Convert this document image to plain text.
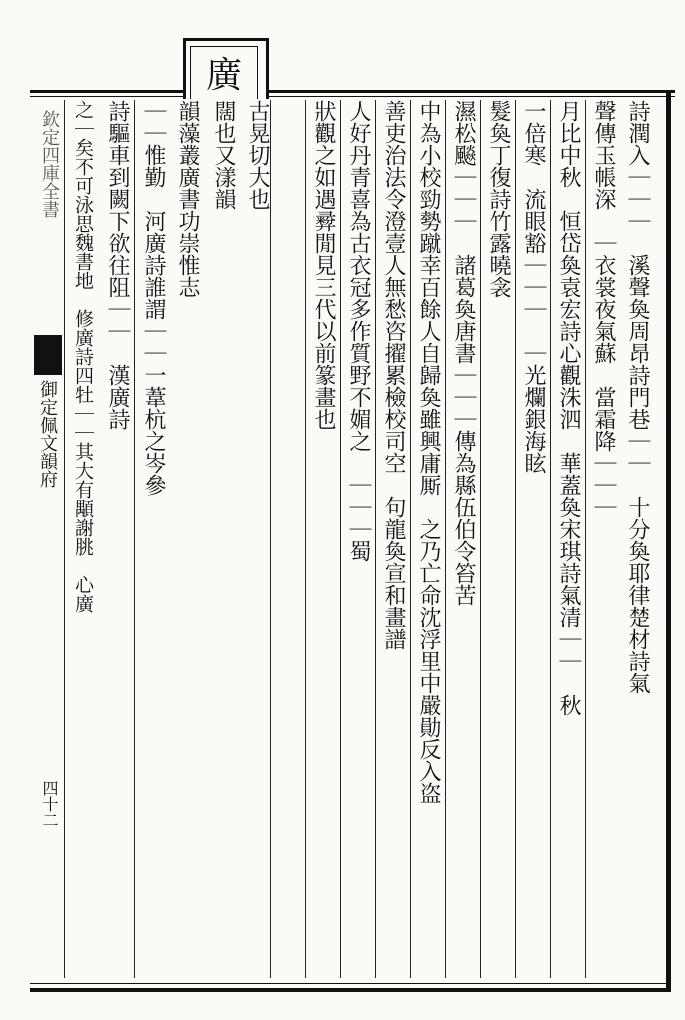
廣
欽定四庫全書
御定佩文韻府
四十二
詩潤入｜｜｜　溪聲奐周昂詩門巷｜｜　十分奐耶律楚材詩氣
聲傳玉帳深　｜衣裳夜氣蘇　當霜降｜｜｜
月比中秋　恒岱奐袁宏詩心觀洙泗　華蓋奐宋琪詩氣清｜｜　秋
一倍寒　流眼豁｜｜｜　｜光爛銀海眩
髮奐丁復詩竹露曉衾
濕松飈｜｜｜　諸葛奐唐書｜｜｜傳為縣伍伯令笞苦
中為小校勁勢蹴幸百餘人自歸奐雖興庸厮　之乃亡命沈浮里中嚴勛反入盗
善吏治法令澄壹人無愁咨擢累檢校司空　句龍奐宣和畫譜
人好丹青喜為古衣冠多作質野不媚之　｜｜｜蜀
狀觀之如遇彛閒見三代以前篆畫也
古晃切大也
闊也又漾韻
韻藻叢廣書功崇惟志
｜｜惟勤　河廣詩誰謂｜｜一葦杭之岑參
詩驅車到闕下欲往阻｜｜　漢廣詩
之｜矣不可泳思魏書地　修廣詩四牡｜｜其大有顒謝朓　心廣
